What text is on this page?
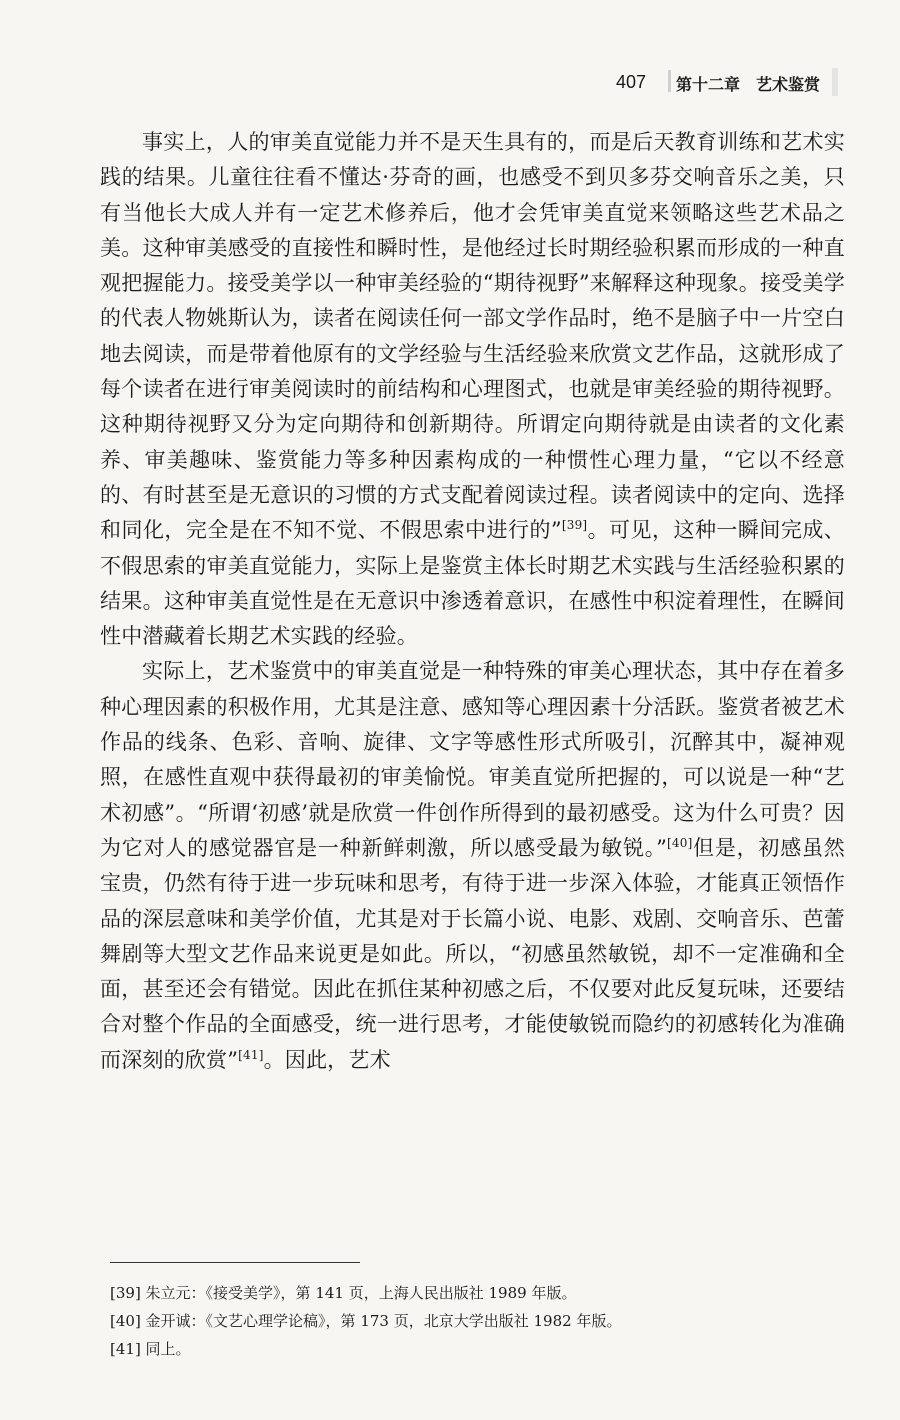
407 第十二章　艺术鉴赏

事实上，人的审美直觉能力并不是天生具有的，而是后天教育训练和艺术实践的结果。儿童往往看不懂达·芬奇的画，也感受不到贝多芬交响音乐之美，只有当他长大成人并有一定艺术修养后，他才会凭审美直觉来领略这些艺术品之美。这种审美感受的直接性和瞬时性，是他经过长时期经验积累而形成的一种直观把握能力。接受美学以一种审美经验的“期待视野”来解释这种现象。接受美学的代表人物姚斯认为，读者在阅读任何一部文学作品时，绝不是脑子中一片空白地去阅读，而是带着他原有的文学经验与生活经验来欣赏文艺作品，这就形成了每个读者在进行审美阅读时的前结构和心理图式，也就是审美经验的期待视野。这种期待视野又分为定向期待和创新期待。所谓定向期待就是由读者的文化素养、审美趣味、鉴赏能力等多种因素构成的一种惯性心理力量，“它以不经意的、有时甚至是无意识的习惯的方式支配着阅读过程。读者阅读中的定向、选择和同化，完全是在不知不觉、不假思索中进行的”[39]。可见，这种一瞬间完成、不假思索的审美直觉能力，实际上是鉴赏主体长时期艺术实践与生活经验积累的结果。这种审美直觉性是在无意识中渗透着意识，在感性中积淀着理性，在瞬间性中潜藏着长期艺术实践的经验。

实际上，艺术鉴赏中的审美直觉是一种特殊的审美心理状态，其中存在着多种心理因素的积极作用，尤其是注意、感知等心理因素十分活跃。鉴赏者被艺术作品的线条、色彩、音响、旋律、文字等感性形式所吸引，沉醉其中，凝神观照，在感性直观中获得最初的审美愉悦。审美直觉所把握的，可以说是一种“艺术初感”。“所谓‘初感’就是欣赏一件创作所得到的最初感受。这为什么可贵？因为它对人的感觉器官是一种新鲜刺激，所以感受最为敏锐。”[40]但是，初感虽然宝贵，仍然有待于进一步玩味和思考，有待于进一步深入体验，才能真正领悟作品的深层意味和美学价值，尤其是对于长篇小说、电影、戏剧、交响音乐、芭蕾舞剧等大型文艺作品来说更是如此。所以，“初感虽然敏锐，却不一定准确和全面，甚至还会有错觉。因此在抓住某种初感之后，不仅要对此反复玩味，还要结合对整个作品的全面感受，统一进行思考，才能使敏锐而隐约的初感转化为准确而深刻的欣赏”[41]。因此，艺术

[39] 朱立元：《接受美学》，第 141 页，上海人民出版社 1989 年版。
[40] 金开诚：《文艺心理学论稿》，第 173 页，北京大学出版社 1982 年版。
[41] 同上。
